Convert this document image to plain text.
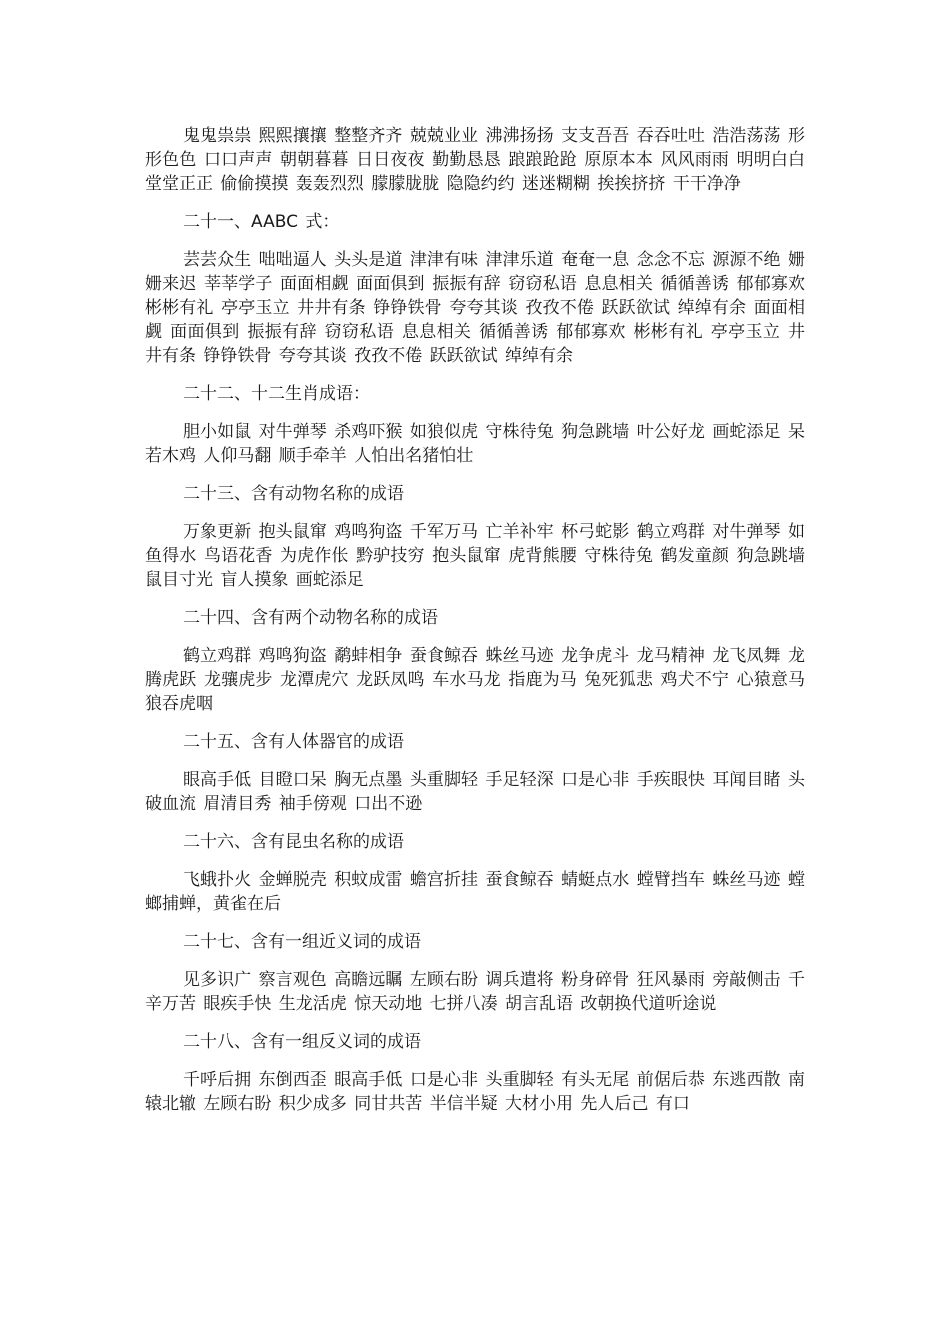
鬼鬼祟祟 熙熙攘攘 整整齐齐 兢兢业业 沸沸扬扬 支支吾吾 吞吞吐吐 浩浩荡荡 形形色色 口口声声 朝朝暮暮 日日夜夜 勤勤恳恳 踉踉跄跄 原原本本 风风雨雨 明明白白 堂堂正正 偷偷摸摸 轰轰烈烈 朦朦胧胧 隐隐约约 迷迷糊糊 挨挨挤挤 干干净净

二十一、AABC 式：

芸芸众生 咄咄逼人 头头是道 津津有味 津津乐道 奄奄一息 念念不忘 源源不绝 姗姗来迟 莘莘学子 面面相觑 面面俱到 振振有辞 窃窃私语 息息相关 循循善诱 郁郁寡欢 彬彬有礼 亭亭玉立 井井有条 铮铮铁骨 夸夸其谈 孜孜不倦 跃跃欲试 绰绰有余 面面相觑 面面俱到 振振有辞 窃窃私语 息息相关 循循善诱 郁郁寡欢 彬彬有礼 亭亭玉立 井井有条 铮铮铁骨 夸夸其谈 孜孜不倦 跃跃欲试 绰绰有余

二十二、十二生肖成语：

胆小如鼠 对牛弹琴 杀鸡吓猴 如狼似虎 守株待兔 狗急跳墙 叶公好龙 画蛇添足 呆若木鸡 人仰马翻 顺手牵羊 人怕出名猪怕壮

二十三、含有动物名称的成语

万象更新 抱头鼠窜 鸡鸣狗盗 千军万马 亡羊补牢 杯弓蛇影 鹤立鸡群 对牛弹琴 如鱼得水 鸟语花香 为虎作伥 黔驴技穷 抱头鼠窜 虎背熊腰 守株待兔 鹤发童颜 狗急跳墙 鼠目寸光 盲人摸象 画蛇添足

二十四、含有两个动物名称的成语

鹤立鸡群 鸡鸣狗盗 鹬蚌相争 蚕食鲸吞 蛛丝马迹 龙争虎斗 龙马精神 龙飞凤舞 龙腾虎跃 龙骧虎步 龙潭虎穴 龙跃凤鸣 车水马龙 指鹿为马 兔死狐悲 鸡犬不宁 心猿意马 狼吞虎咽

二十五、含有人体器官的成语

眼高手低 目瞪口呆 胸无点墨 头重脚轻 手足轻深 口是心非 手疾眼快 耳闻目睹 头破血流 眉清目秀 袖手傍观 口出不逊

二十六、含有昆虫名称的成语

飞蛾扑火 金蝉脱壳 积蚊成雷 蟾宫折挂 蚕食鲸吞 蜻蜓点水 螳臂挡车 蛛丝马迹 螳螂捕蝉，黄雀在后

二十七、含有一组近义词的成语

见多识广 察言观色 高瞻远瞩 左顾右盼 调兵遣将 粉身碎骨 狂风暴雨 旁敲侧击 千辛万苦 眼疾手快 生龙活虎 惊天动地 七拼八凑 胡言乱语 改朝换代道听途说

二十八、含有一组反义词的成语

千呼后拥 东倒西歪 眼高手低 口是心非 头重脚轻 有头无尾 前倨后恭 东逃西散 南辕北辙 左顾右盼 积少成多 同甘共苦 半信半疑 大材小用 先人后己 有口
